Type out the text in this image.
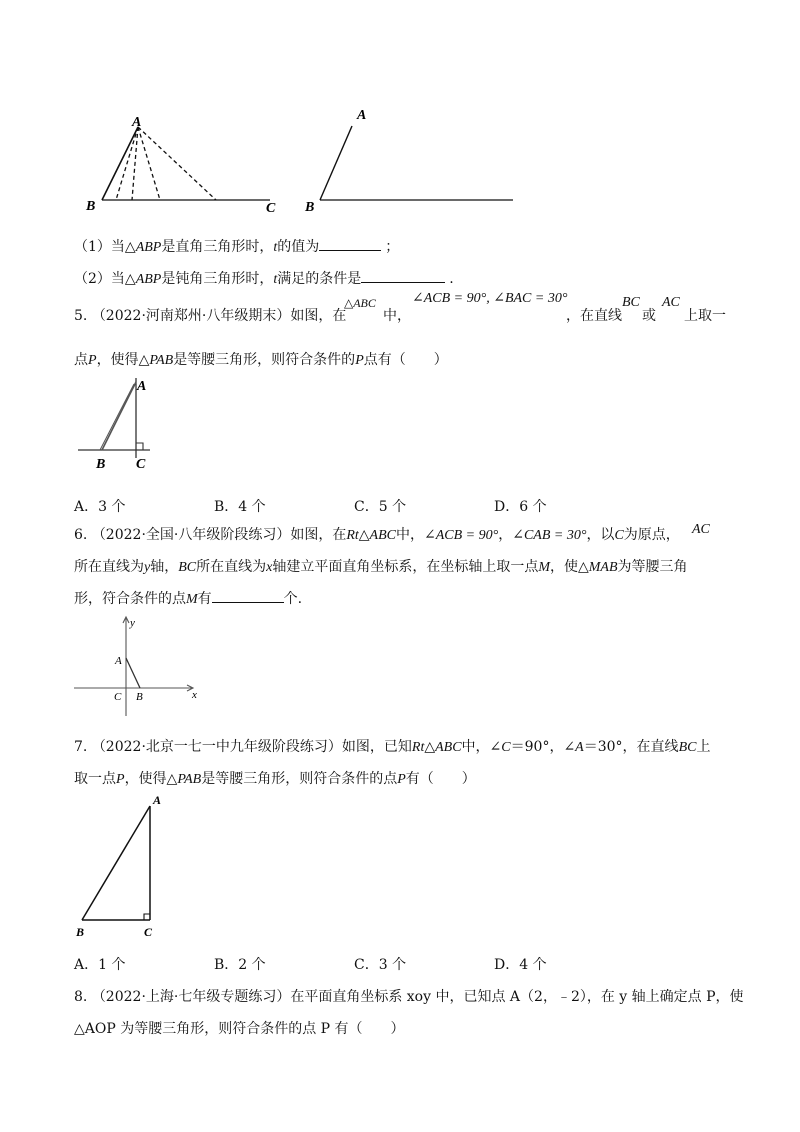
A
B	C
A
B
（1）当△ABP是直角三角形时，t的值为	；
（2）当△ABP是钝角三角形时，t满足的条件是	.
5. （2022·河南郑州·八年级期末）如图，在
△ABC
中，
∠ACB = 90°, ∠BAC = 30°
，在直线
BC
或
AC
上取一
点P，使得△PAB是等腰三角形，则符合条件的P点有（　　）
A
B C
A．3 个	B．4 个	C．5 个	D．6 个
6. （2022·全国·八年级阶段练习）如图，在Rt△ABC中，∠ACB = 90°，∠CAB = 30°，以C为原点， AC
所在直线为y轴，BC所在直线为x轴建立平面直角坐标系，在坐标轴上取一点M，使△MAB为等腰三角
形，符合条件的点M有	个.
y
A
C B	x
7. （2022·北京一七一中九年级阶段练习）如图，已知Rt△ABC中，∠C＝90°，∠A＝30°，在直线BC上
取一点P，使得△PAB是等腰三角形，则符合条件的点P有（　　）
A
B	C
A．1 个	B．2 个	C．3 个	D．4 个
8. （2022·上海·七年级专题练习）在平面直角坐标系 xoy 中，已知点 A（2，﹣2），在 y 轴上确定点 P，使
△AOP 为等腰三角形，则符合条件的点 P 有（　　）
